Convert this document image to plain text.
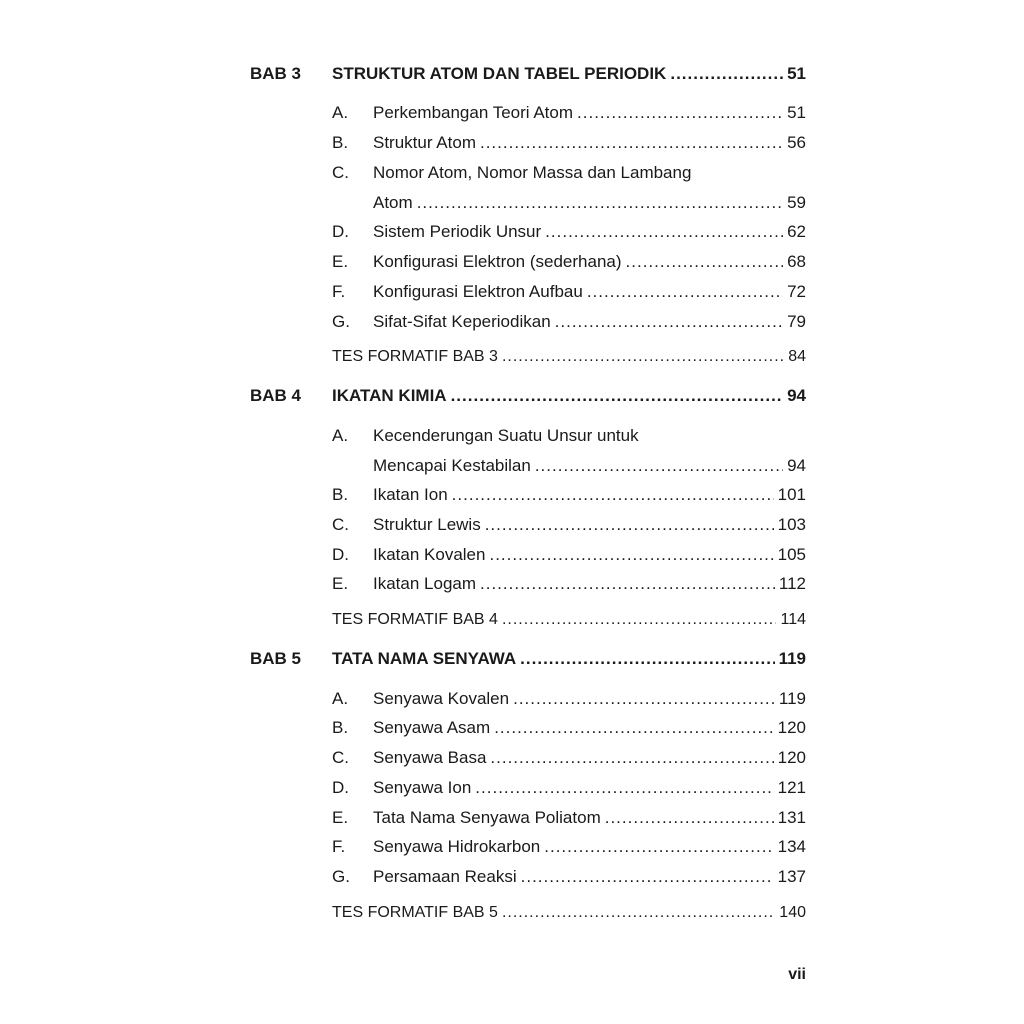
BAB 3	STRUKTUR ATOM DAN TABEL PERIODIK .....	51
A.	Perkembangan Teori Atom .....	51
B.	Struktur Atom .....	56
C.	Nomor Atom, Nomor Massa dan Lambang
Atom .....	59
D.	Sistem Periodik Unsur .....	62
E.	Konfigurasi Elektron (sederhana) .....	68
F.	Konfigurasi Elektron Aufbau .....	72
G.	Sifat-Sifat Keperiodikan .....	79
TES FORMATIF BAB 3 .....	84
BAB 4	IKATAN KIMIA .....	94
A.	Kecenderungan Suatu Unsur untuk
Mencapai Kestabilan .....	94
B.	Ikatan Ion .....	101
C.	Struktur Lewis .....	103
D.	Ikatan Kovalen .....	105
E.	Ikatan Logam .....	112
TES FORMATIF BAB 4 .....	114
BAB 5	TATA NAMA SENYAWA .....	119
A.	Senyawa Kovalen .....	119
B.	Senyawa Asam .....	120
C.	Senyawa Basa .....	120
D.	Senyawa Ion .....	121
E.	Tata Nama Senyawa Poliatom .....	131
F.	Senyawa Hidrokarbon .....	134
G.	Persamaan Reaksi .....	137
TES FORMATIF BAB 5 .....	140
vii
